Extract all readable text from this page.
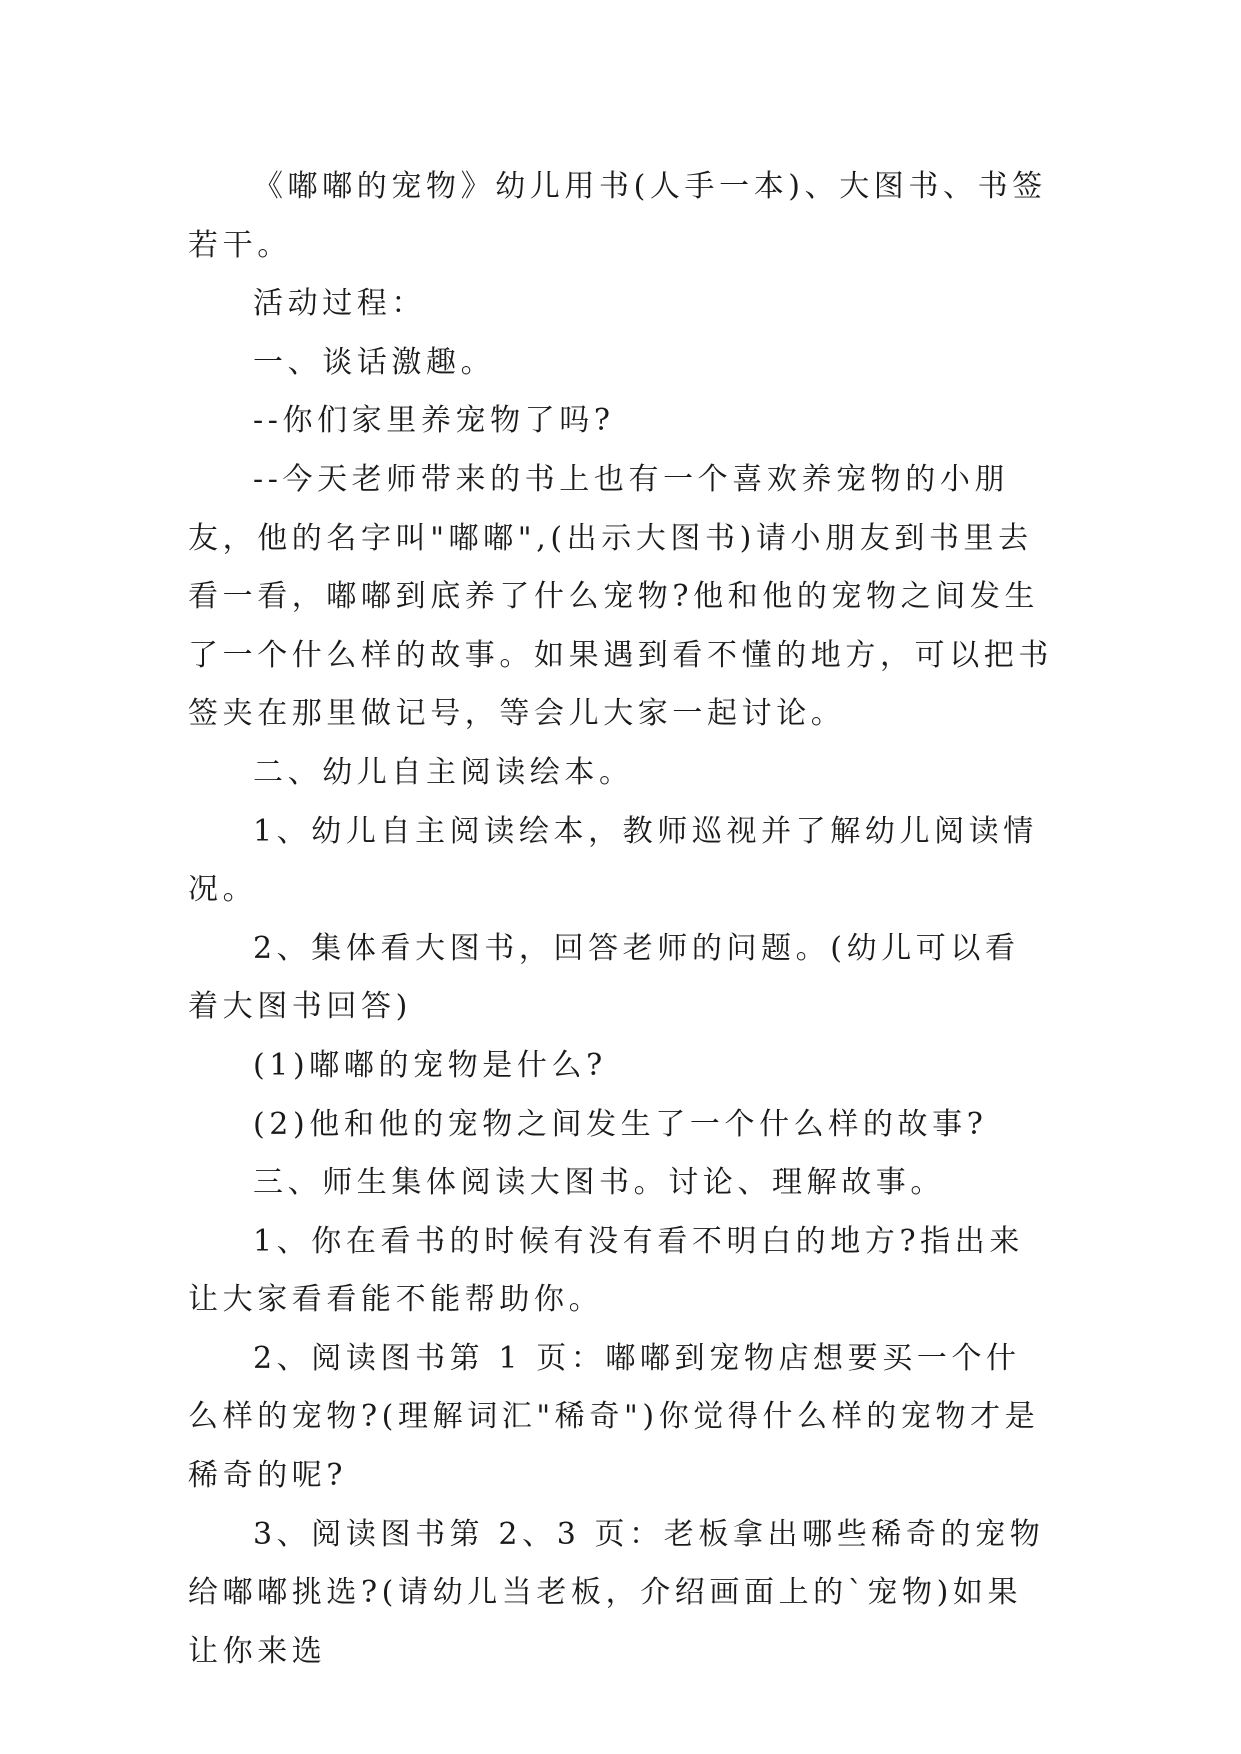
《嘟嘟的宠物》幼儿用书(人手一本)、大图书、书签若干。

活动过程：

一、谈话激趣。

--你们家里养宠物了吗?

--今天老师带来的书上也有一个喜欢养宠物的小朋友，他的名字叫"嘟嘟",(出示大图书)请小朋友到书里去看一看，嘟嘟到底养了什么宠物?他和他的宠物之间发生了一个什么样的故事。如果遇到看不懂的地方，可以把书签夹在那里做记号，等会儿大家一起讨论。

二、幼儿自主阅读绘本。

1、幼儿自主阅读绘本，教师巡视并了解幼儿阅读情况。

2、集体看大图书，回答老师的问题。(幼儿可以看着大图书回答)

(1)嘟嘟的宠物是什么?

(2)他和他的宠物之间发生了一个什么样的故事?

三、师生集体阅读大图书。讨论、理解故事。

1、你在看书的时候有没有看不明白的地方?指出来让大家看看能不能帮助你。

2、阅读图书第 1 页：嘟嘟到宠物店想要买一个什么样的宠物?(理解词汇"稀奇")你觉得什么样的宠物才是稀奇的呢?

3、阅读图书第 2、3 页：老板拿出哪些稀奇的宠物给嘟嘟挑选?(请幼儿当老板，介绍画面上的`宠物)如果让你来选
